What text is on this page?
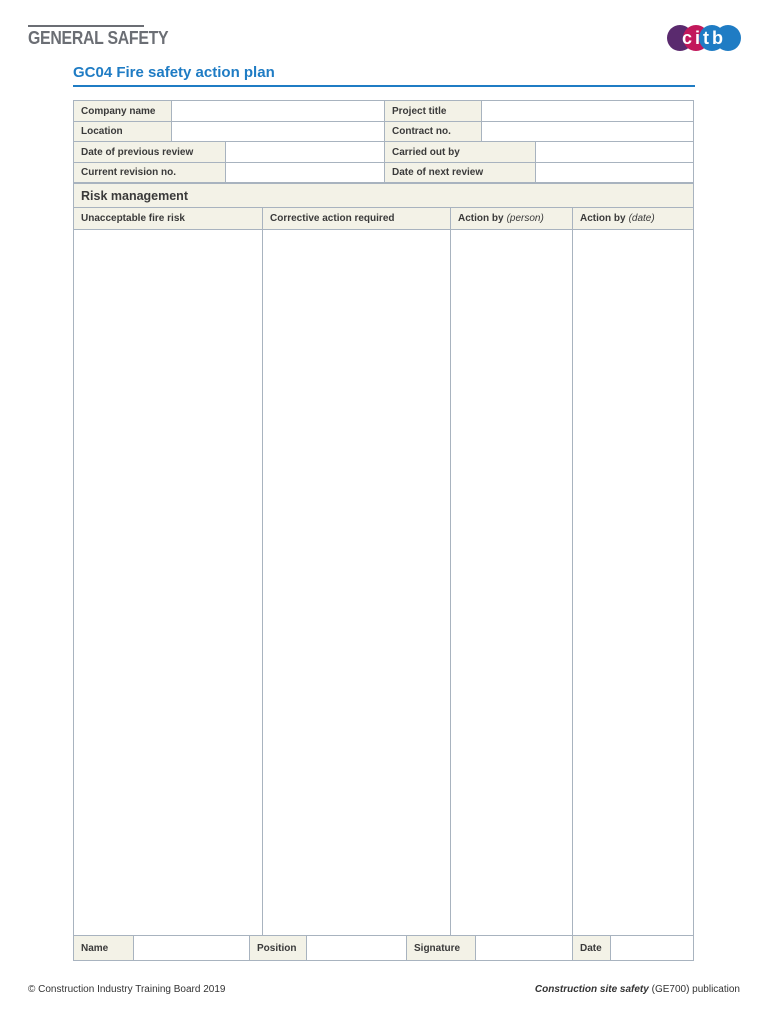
GENERAL SAFETY	citb
GC04 Fire safety action plan
Company name	Project title
Location	Contract no.
Date of previous review	Carried out by
Current revision no.	Date of next review
Risk management
Unacceptable fire risk	Corrective action required	Action by (person)	Action by (date)
Name	Position	Signature	Date
© Construction Industry Training Board 2019	Construction site safety (GE700) publication
